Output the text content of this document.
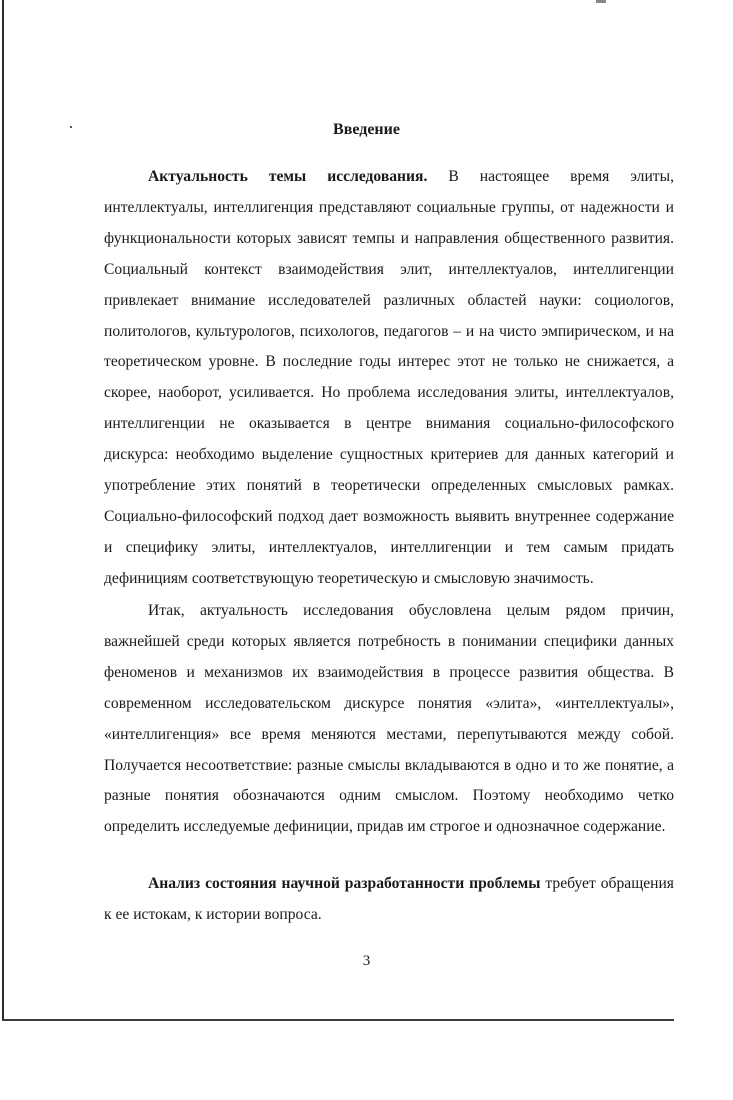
Введение

Актуальность темы исследования. В настоящее время элиты, интеллектуалы, интеллигенция представляют социальные группы, от надежности и функциональности которых зависят темпы и направления общественного развития. Социальный контекст взаимодействия элит, интеллектуалов, интеллигенции привлекает внимание исследователей различных областей науки: социологов, политологов, культурологов, психологов, педагогов – и на чисто эмпирическом, и на теоретическом уровне. В последние годы интерес этот не только не снижается, а скорее, наоборот, усиливается. Но проблема исследования элиты, интеллектуалов, интеллигенции не оказывается в центре внимания социально-философского дискурса: необходимо выделение сущностных критериев для данных категорий и употребление этих понятий в теоретически определенных смысловых рамках. Социально-философский подход дает возможность выявить внутреннее содержание и специфику элиты, интеллектуалов, интеллигенции и тем самым придать дефинициям соответствующую теоретическую и смысловую значимость.

Итак, актуальность исследования обусловлена целым рядом причин, важнейшей среди которых является потребность в понимании специфики данных феноменов и механизмов их взаимодействия в процессе развития общества. В современном исследовательском дискурсе понятия «элита», «интеллектуалы», «интеллигенция» все время меняются местами, перепутываются между собой. Получается несоответствие: разные смыслы вкладываются в одно и то же понятие, а разные понятия обозначаются одним смыслом. Поэтому необходимо четко определить исследуемые дефиниции, придав им строгое и однозначное содержание.

Анализ состояния научной разработанности проблемы требует обращения к ее истокам, к истории вопроса.

3
